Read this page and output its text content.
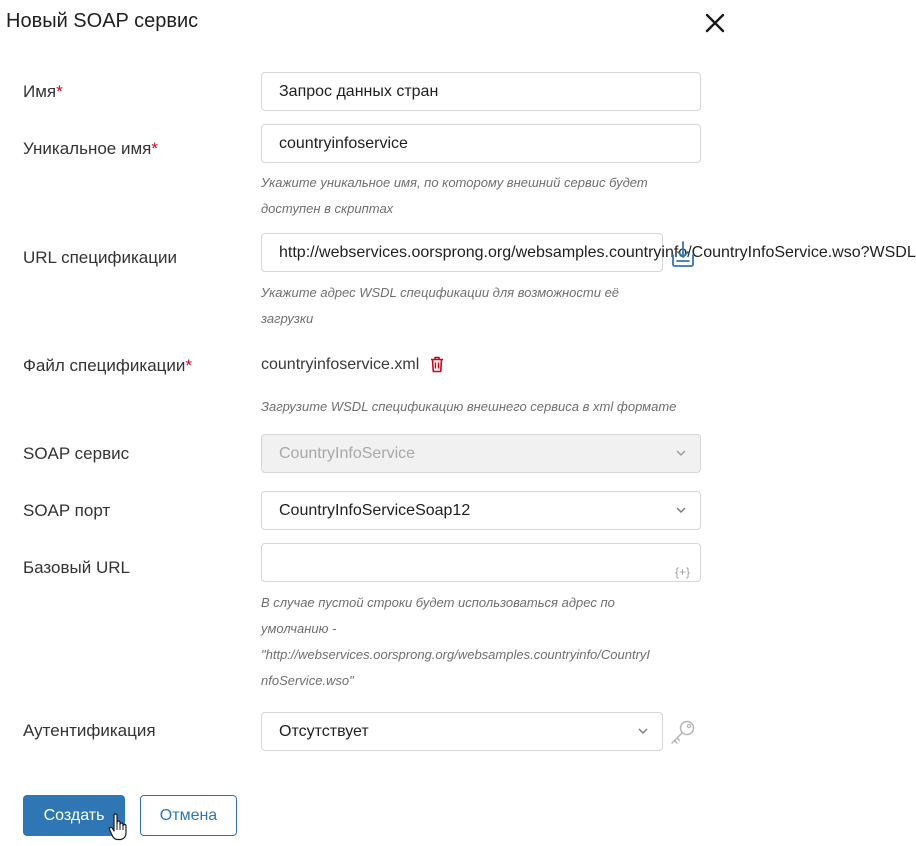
Новый SOAP сервис
Имя*	Запрос данных стран
Уникальное имя*	countryinfoservice
Укажите уникальное имя, по которому внешний сервис будет
доступен в скриптах
URL спецификации	http://webservices.oorsprong.org/websamples.countryinfo/CountryInfoService.wso?WSDL
Укажите адрес WSDL спецификации для возможности её
загрузки
Файл спецификации*	countryinfoservice.xml
Загрузите WSDL спецификацию внешнего сервиса в xml формате
SOAP сервис	CountryInfoService
SOAP порт	CountryInfoServiceSoap12
Базовый URL	{+}
В случае пустой строки будет использоваться адрес по
умолчанию -
"http://webservices.oorsprong.org/websamples.countryinfo/CountryI
nfoService.wso"
Аутентификация	Отсутствует
Создать	Отмена
